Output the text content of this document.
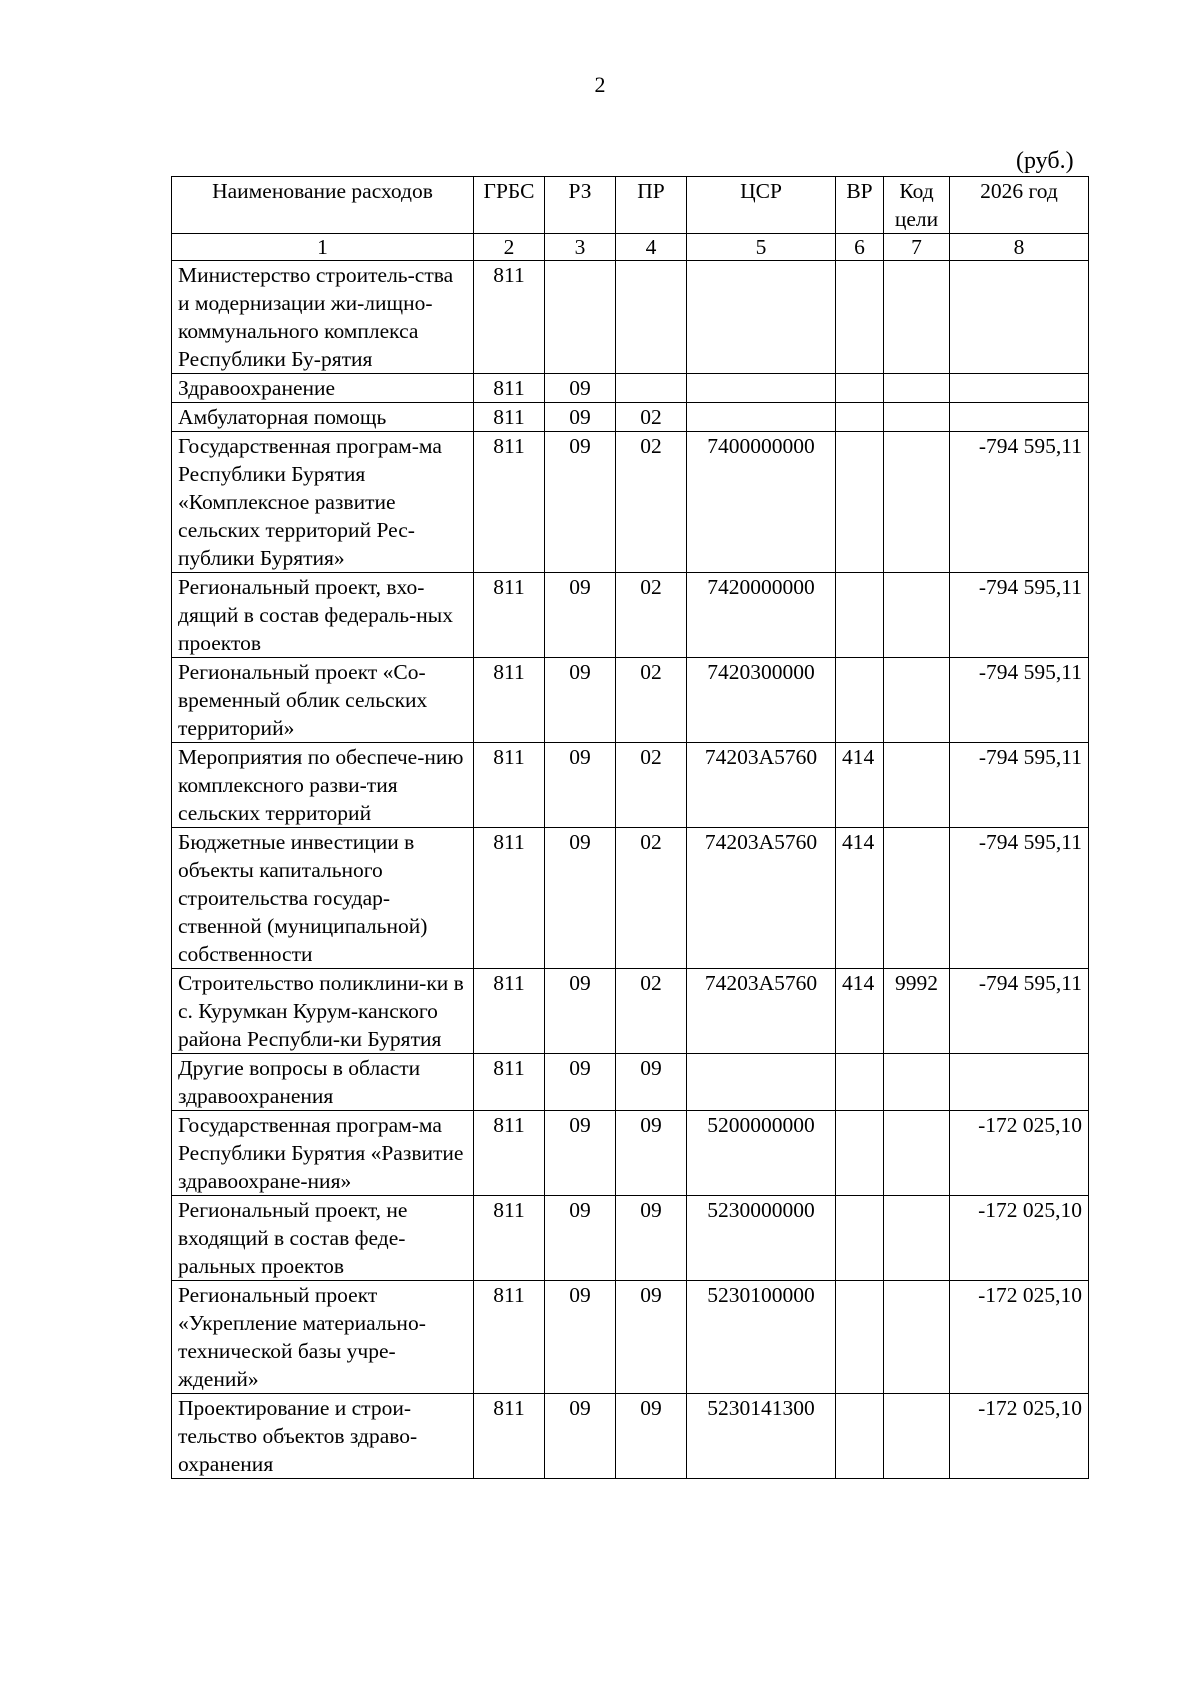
2
(руб.)
Наименование расходов	ГРБС	РЗ	ПР	ЦСР	ВР	Код цели	2026 год
1	2	3	4	5	6	7	8
Министерство строитель-ства и модернизации жи-лищно-коммунального комплекса Республики Бу-рятия	811						
Здравоохранение	811	09					
Амбулаторная помощь	811	09	02				
Государственная програм-ма Республики Бурятия «Комплексное развитие сельских территорий Рес-публики Бурятия»	811	09	02	7400000000			-794 595,11
Региональный проект, вхо-дящий в состав федераль-ных проектов	811	09	02	7420000000			-794 595,11
Региональный проект «Со-временный облик сельских территорий»	811	09	02	7420300000			-794 595,11
Мероприятия по обеспече-нию комплексного разви-тия сельских территорий	811	09	02	74203А5760	414		-794 595,11
Бюджетные инвестиции в объекты капитального строительства государ-ственной (муниципальной) собственности	811	09	02	74203А5760	414		-794 595,11
Строительство поликлини-ки в с. Курумкан Курум-канского района Республи-ки Бурятия	811	09	02	74203А5760	414	9992	-794 595,11
Другие вопросы в области здравоохранения	811	09	09				
Государственная програм-ма Республики Бурятия «Развитие здравоохране-ния»	811	09	09	5200000000			-172 025,10
Региональный проект, не входящий в состав феде-ральных проектов	811	09	09	5230000000			-172 025,10
Региональный проект «Укрепление материально-технической базы учре-ждений»	811	09	09	5230100000			-172 025,10
Проектирование и строи-тельство объектов здраво-охранения	811	09	09	5230141300			-172 025,10
